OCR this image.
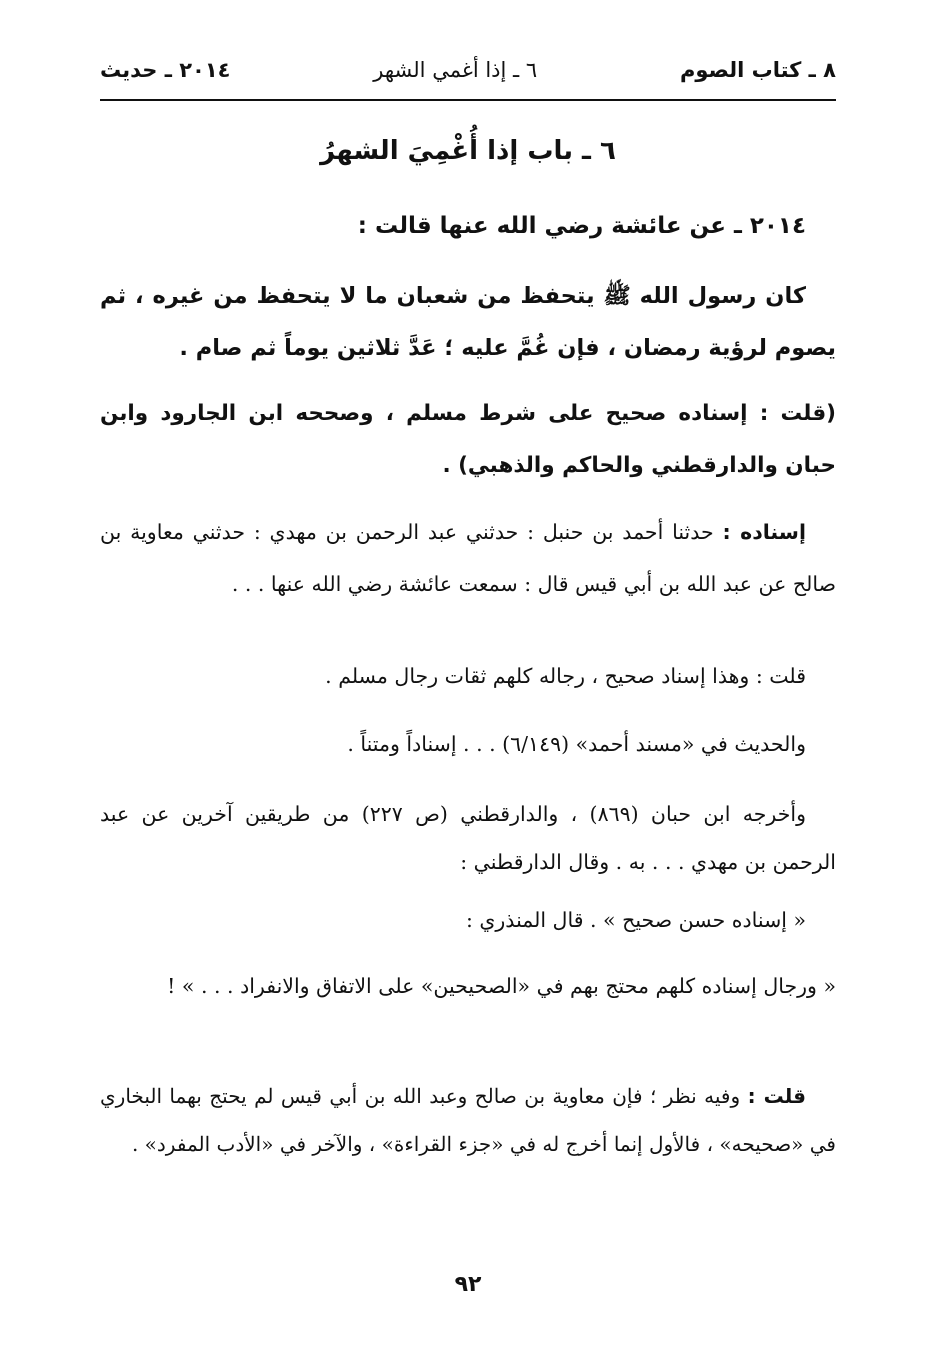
٨ ـ كتاب الصوم
٦ ـ إذا أغمي الشهر
٢٠١٤ ـ حديث
٦ ـ باب إذا أُغْمِيَ الشهرُ
٢٠١٤ ـ عن عائشة رضي الله عنها قالت :
كان رسول الله ﷺ يتحفظ من شعبان ما لا يتحفظ من غيره ، ثم يصوم لرؤية رمضان ، فإن غُمَّ عليه ؛ عَدَّ ثلاثين يوماً ثم صام .
(قلت : إسناده صحيح على شرط مسلم ، وصححه ابن الجارود وابن حبان والدارقطني والحاكم والذهبي) .
إسناده : حدثنا أحمد بن حنبل : حدثني عبد الرحمن بن مهدي : حدثني معاوية بن صالح عن عبد الله بن أبي قيس قال : سمعت عائشة رضي الله عنها . . .
قلت : وهذا إسناد صحيح ، رجاله كلهم ثقات رجال مسلم .
والحديث في «مسند أحمد» (٦/١٤٩) . . . إسناداً ومتناً .
وأخرجه ابن حبان (٨٦٩) ، والدارقطني (ص ٢٢٧) من طريقين آخرين عن عبد الرحمن بن مهدي . . . به . وقال الدارقطني :
« إسناده حسن صحيح » . قال المنذري :
« ورجال إسناده كلهم محتج بهم في «الصحيحين» على الاتفاق والانفراد . . . » !
قلت : وفيه نظر ؛ فإن معاوية بن صالح وعبد الله بن أبي قيس لم يحتج بهما البخاري في «صحيحه» ، فالأول إنما أخرج له في «جزء القراءة» ، والآخر في «الأدب المفرد» .
٩٢
